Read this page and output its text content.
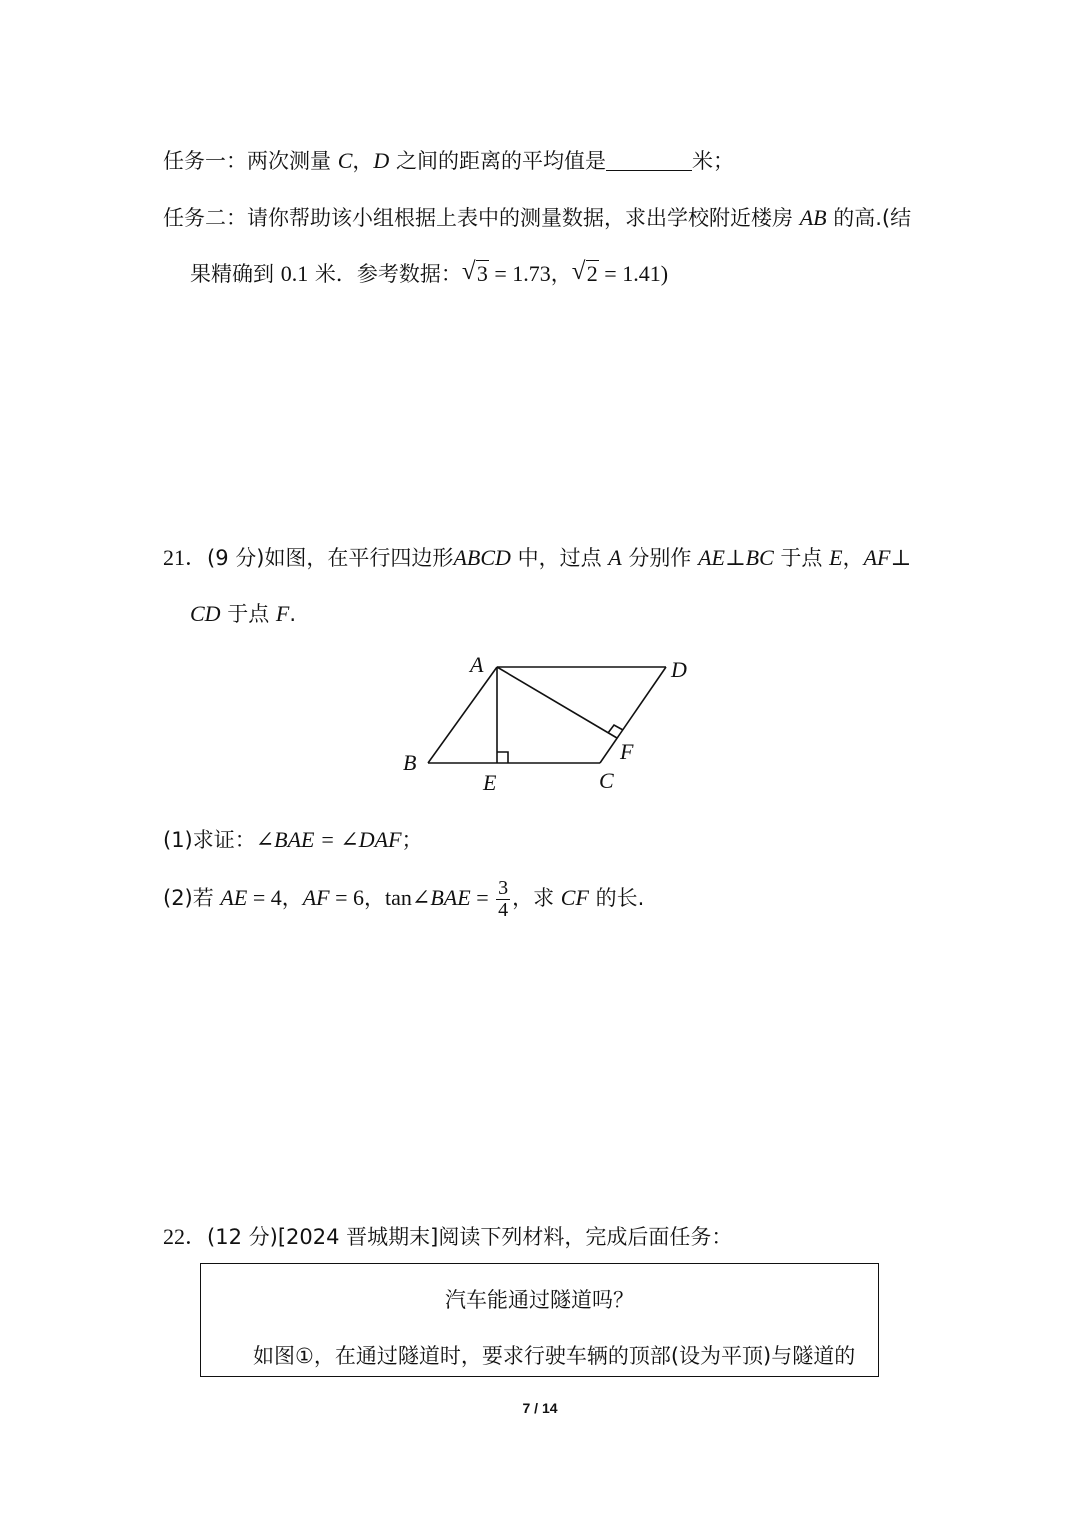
任务一：两次测量 C，D 之间的距离的平均值是	米；
任务二：请你帮助该小组根据上表中的测量数据，求出学校附近楼房 AB 的高.(结
果精确到 0.1 米．参考数据： √ 3 = 1.73， √ 2 = 1.41)
21．(9 分)如图，在平行四边形ABCD 中，过点 A 分别作 AE⊥BC 于点 E，AF⊥
CD 于点 F.
A	D
B
E	C
F
(1)求证：∠BAE = ∠DAF；
(2)若 AE = 4，AF = 6，tan∠BAE = $\frac{3}{4}$ ，求 CF 的长.
22．(12 分)[2024 晋城期末]阅读下列材料，完成后面任务：
汽车能通过隧道吗？
如图①，在通过隧道时，要求行驶车辆的顶部(设为平顶)与隧道的
7 / 14
